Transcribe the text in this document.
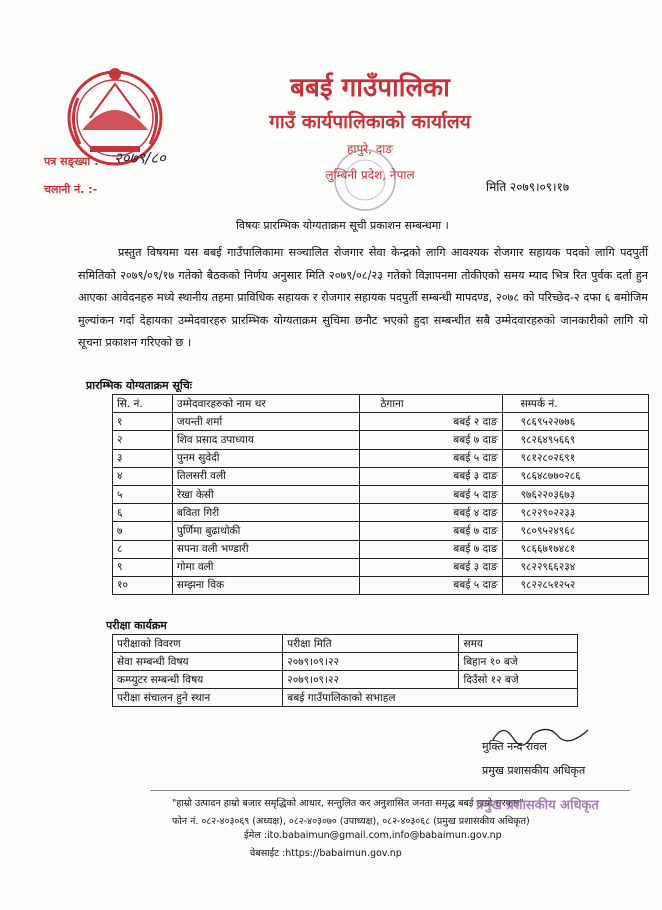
बबई गाउँपालिका
गाउँ कार्यपालिकाको कार्यालय
हापुरे, दाङ
लुम्बिनी प्रदेश, नेपाल
पत्र सङ्ख्या :- २०७९/८०
चलानी नं. :-	मिति २०७९।०९।१७
विषयः प्रारम्भिक योग्यताक्रम सूची प्रकाशन सम्बन्धमा ।
प्रस्तुत विषयमा यस बबई गाउँपालिकामा सञ्चालित रोजगार सेवा केन्द्रको लागि आवश्यक रोजगार सहायक पदको लागि पदपुर्ती समितिको २०७९/०९/१७ गतेको बैठकको निर्णय अनुसार मिति २०७९/०८/२३ गतेको विज्ञापनमा तोकीएको समय म्याद भित्र रित पुर्वक दर्ता हुन आएका आवेदनहरु मध्ये स्थानीय तहमा प्राविधिक सहायक र रोजगार सहायक पदपुर्ती सम्बन्धी मापदण्ड, २०७८ को परिच्छेद-२ दफा ६ बमोजिम मुल्यांकन गर्दा देहायका उम्मेदवारहरु प्रारम्भिक योग्यताक्रम सुचिमा छनौट भएको हुदा सम्बन्धीत सबै उम्मेदवारहरुको जानकारीको लागि यो सूचना प्रकाशन गरिएको छ ।
प्रारम्भिक योग्यताक्रम सूचिः
सि. नं.	उम्मेदवारहरुको नाम थर	ठेगाना	सम्पर्क नं.
१	जयन्ती शर्मा	बबई २ दाङ	९८६९५२२७७६
२	शिव प्रसाद उपाध्याय	बबई ७ दाङ	९८२६४९५६६९
३	पुनम सुवेदी	बबई ५ दाङ	९८१२८०२६९१
४	तिलसरी वली	बबई ३ दाङ	९८६४८७७०२८६
५	रेखा केसी	बबई ५ दाङ	९७६२२०३६७३
६	बविता गिरी	बबई ४ दाङ	९८२२९०२२३३
७	पुर्णिमा बुढाथोकी	बबई ७ दाङ	९८०९५२४९६८
८	सपना वली भण्डारी	बबई ७ दाङ	९८६६७१७४८१
९	गोमा वली	बबई ३ दाङ	९८२२९६६२३४
१०	सम्झना विक	बबई ५ दाङ	९८२२८५१२५२
परीक्षा कार्यक्रम
परीक्षाको विवरण	परीक्षा मिति	समय
सेवा सम्बन्धी विषय	२०७९।०९।२२	बिहान १० बजे
कम्प्युटर सम्बन्धी विषय	२०७९।०९।२२	दिउँसो १२ बजे
परीक्षा संचालन हुने स्थान	बबई गाउँपालिकाको सभाहल	
मुक्ति नन्द रावल
प्रमुख प्रशासकीय अधिकृत
"हाम्रो उत्पादन हाम्रो बजार समृद्धिको आधार, सन्तुलित कर अनुशासित जनता समृद्ध बबई हाम्रो सरकार"
फोन नं. ०८२-४०३०६९ (अध्यक्ष), ०८२-४०३०७० (उपाध्यक्ष), ०८२-४०३०६८ (प्रमुख प्रशासकीय अधिकृत)
ईमेल :ito.babaimun@gmail.com,info@babaimun.gov.np
वेबसाईट :https://babaimun.gov.np
प्रमुख प्रशासकीय अधिकृत
